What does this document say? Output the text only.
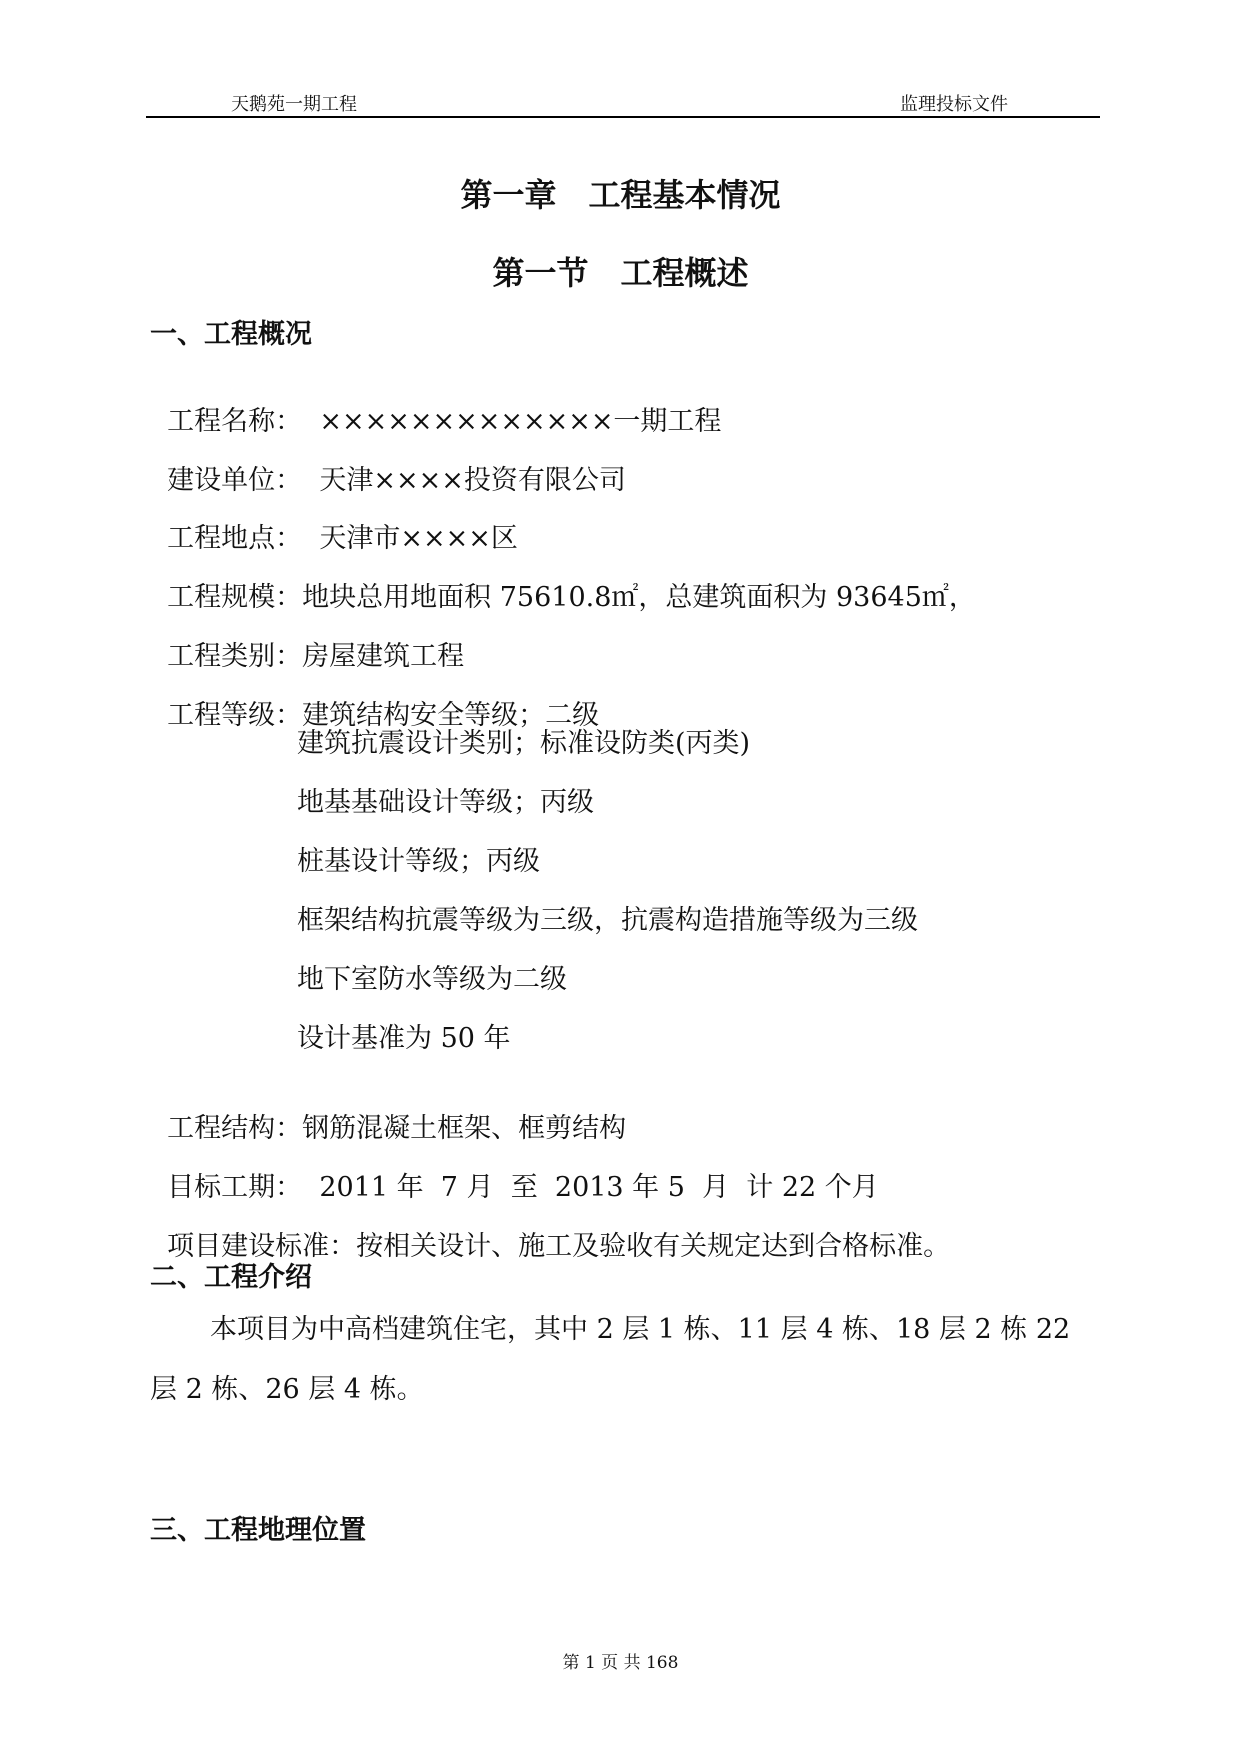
天鹅苑一期工程	监理投标文件
第一章　工程基本情况
第一节　工程概述
一、工程概况

工程名称：  ×××××××××××××一期工程

建设单位：  天津××××投资有限公司

工程地点：  天津市××××区

工程规模：地块总用地面积 75610.8㎡，总建筑面积为 93645㎡，

工程类别：房屋建筑工程

工程等级：建筑结构安全等级；二级

建筑抗震设计类别；标准设防类(丙类)
地基基础设计等级；丙级
桩基设计等级；丙级
框架结构抗震等级为三级，抗震构造措施等级为三级
地下室防水等级为二级
设计基准为 50 年

工程结构：钢筋混凝土框架、框剪结构

目标工期：  2011 年  7 月  至  2013 年 5  月  计 22 个月

项目建设标准：按相关设计、施工及验收有关规定达到合格标准。

二、工程介绍
本项目为中高档建筑住宅，其中 2 层 1 栋、11 层 4 栋、18 层 2 栋 22 层 2 栋、26 层 4 栋。
三、工程地理位置
第 1 页 共 168
